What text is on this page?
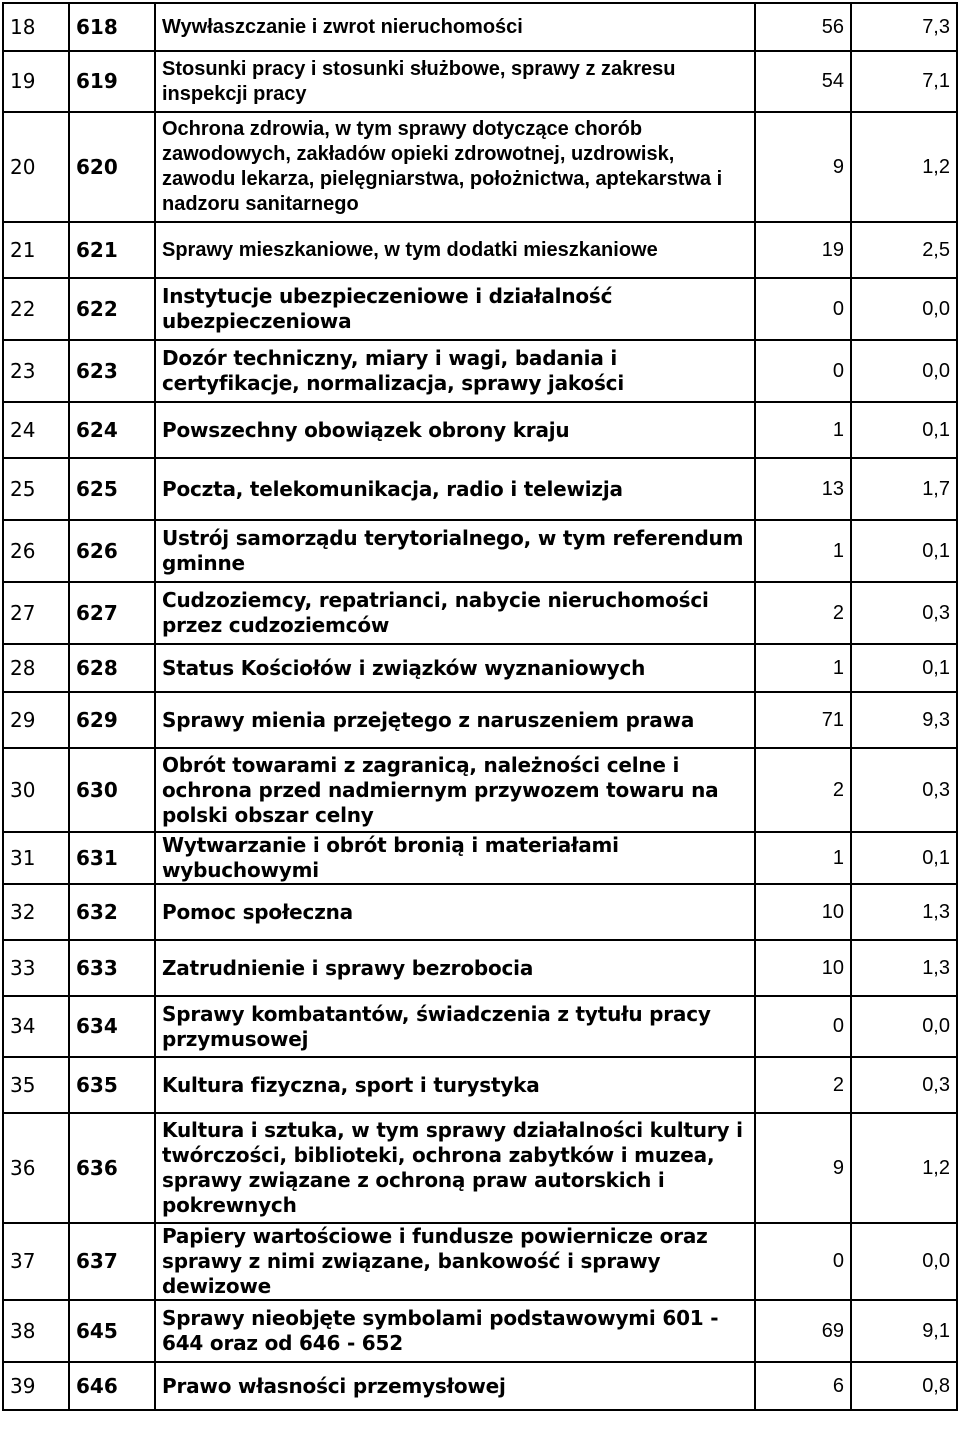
18	618	Wywłaszczanie i zwrot nieruchomości	56	7,3
19	619	Stosunki pracy i stosunki służbowe, sprawy z zakresu inspekcji pracy	54	7,1
20	620	Ochrona zdrowia, w tym sprawy dotyczące chorób zawodowych, zakładów opieki zdrowotnej, uzdrowisk, zawodu lekarza, pielęgniarstwa, położnictwa, aptekarstwa i nadzoru sanitarnego	9	1,2
21	621	Sprawy mieszkaniowe, w tym dodatki mieszkaniowe	19	2,5
22	622	Instytucje ubezpieczeniowe i działalność ubezpieczeniowa	0	0,0
23	623	Dozór techniczny, miary i wagi, badania i certyfikacje, normalizacja, sprawy jakości	0	0,0
24	624	Powszechny obowiązek obrony kraju	1	0,1
25	625	Poczta, telekomunikacja, radio i telewizja	13	1,7
26	626	Ustrój samorządu terytorialnego, w tym referendum gminne	1	0,1
27	627	Cudzoziemcy, repatrianci, nabycie nieruchomości przez cudzoziemców	2	0,3
28	628	Status Kościołów i związków wyznaniowych	1	0,1
29	629	Sprawy mienia przejętego z naruszeniem prawa	71	9,3
30	630	Obrót towarami z zagranicą, należności celne i ochrona przed nadmiernym przywozem towaru na polski obszar celny	2	0,3
31	631	Wytwarzanie i obrót bronią i materiałami wybuchowymi	1	0,1
32	632	Pomoc społeczna	10	1,3
33	633	Zatrudnienie i sprawy bezrobocia	10	1,3
34	634	Sprawy kombatantów, świadczenia z tytułu pracy przymusowej	0	0,0
35	635	Kultura fizyczna, sport i turystyka	2	0,3
36	636	Kultura i sztuka, w tym sprawy działalności kultury i twórczości, biblioteki, ochrona zabytków i muzea, sprawy związane z ochroną praw autorskich i pokrewnych	9	1,2
37	637	Papiery wartościowe i fundusze powiernicze oraz sprawy z nimi związane, bankowość i sprawy dewizowe	0	0,0
38	645	Sprawy nieobjęte symbolami podstawowymi 601 - 644 oraz od 646 - 652	69	9,1
39	646	Prawo własności przemysłowej	6	0,8
